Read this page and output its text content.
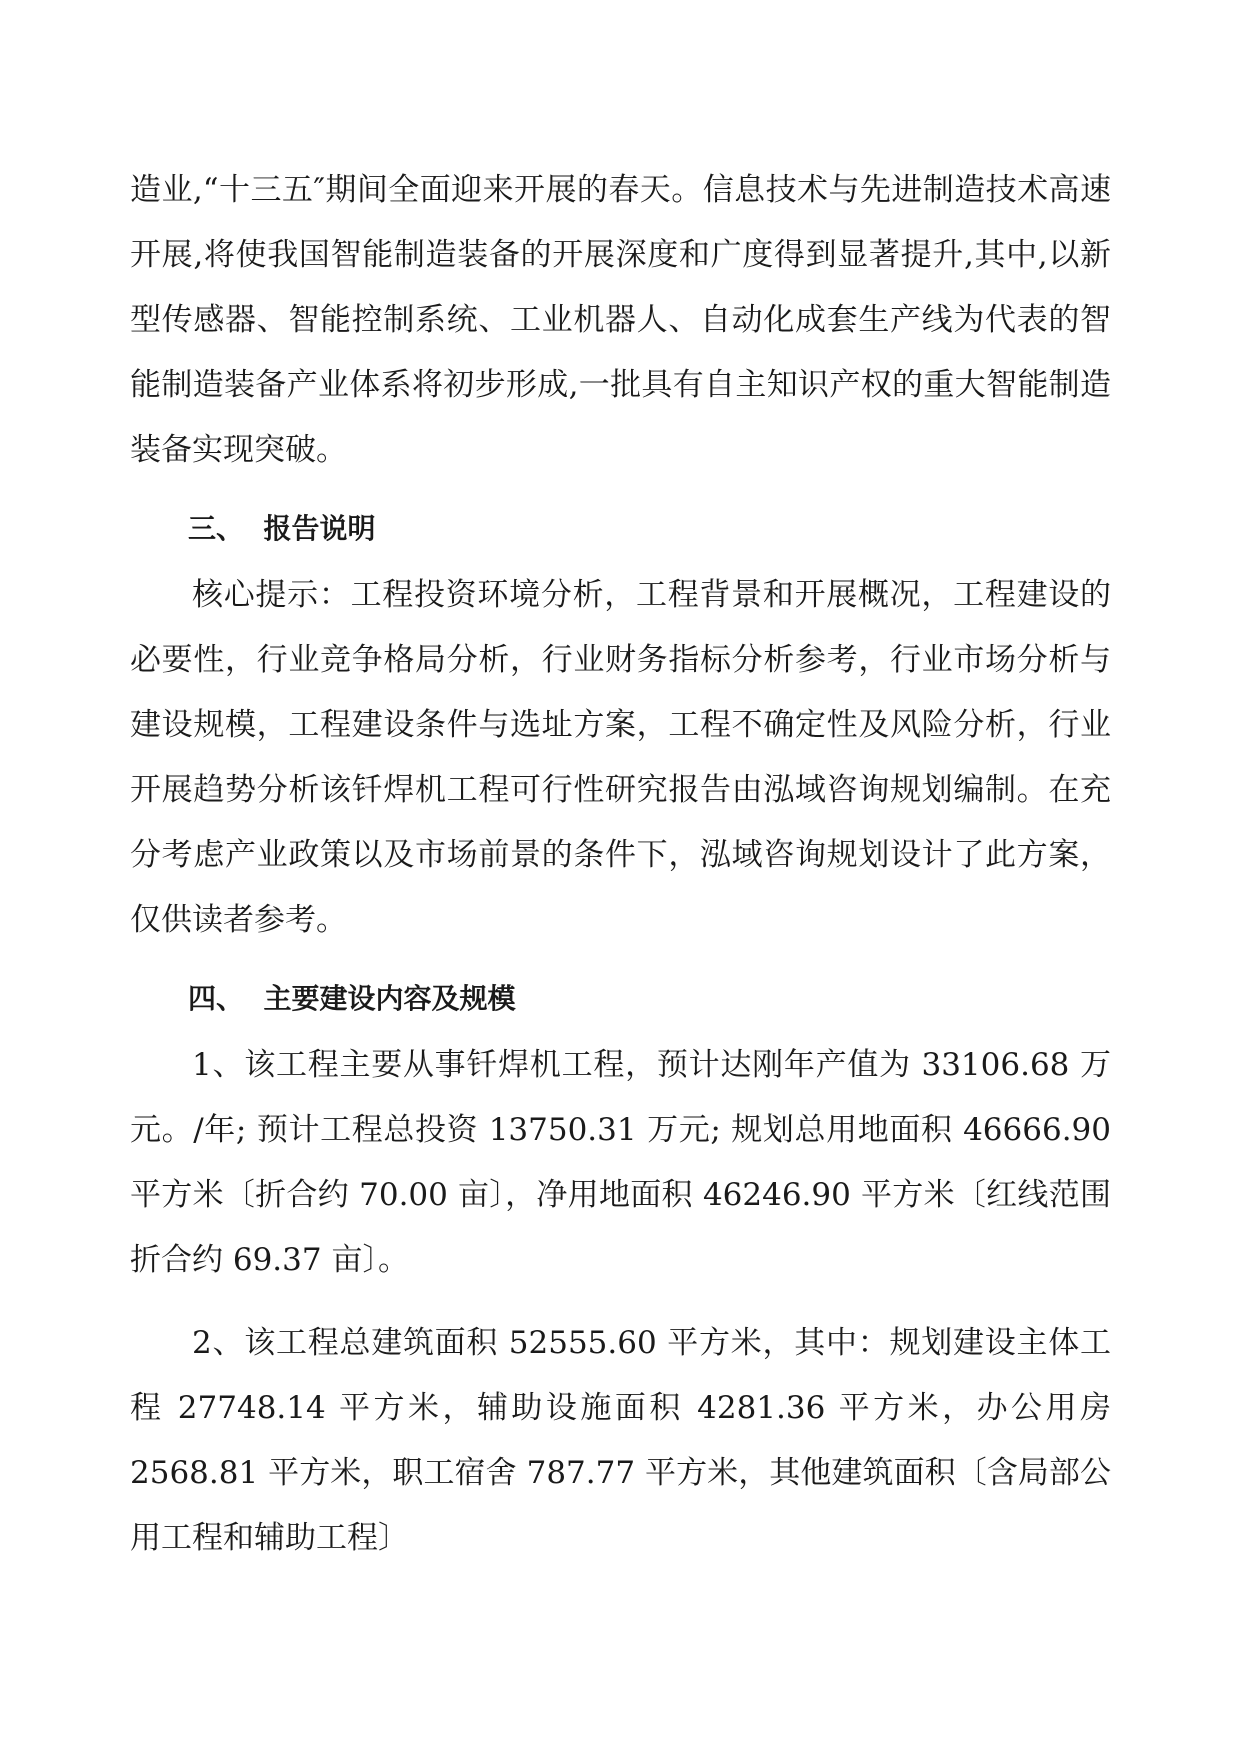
造业,“十三五″期间全面迎来开展的春天。信息技术与先进制造技术高速开展,将使我国智能制造装备的开展深度和广度得到显著提升,其中,以新型传感器、智能控制系统、工业机器人、自动化成套生产线为代表的智能制造装备产业体系将初步形成,一批具有自主知识产权的重大智能制造装备实现突破。

三、  报告说明

核心提示：工程投资环境分析，工程背景和开展概况，工程建设的必要性，行业竞争格局分析，行业财务指标分析参考，行业市场分析与建设规模，工程建设条件与选址方案，工程不确定性及风险分析，行业开展趋势分析该钎焊机工程可行性研究报告由泓域咨询规划编制。在充分考虑产业政策以及市场前景的条件下，泓域咨询规划设计了此方案，仅供读者参考。

四、  主要建设内容及规模

1、该工程主要从事钎焊机工程，预计达刚年产值为 33106.68 万元。/年; 预计工程总投资 13750.31 万元; 规划总用地面积 46666.90 平方米〔折合约 70.00 亩〕，净用地面积 46246.90 平方米〔红线范围折合约 69.37 亩〕。

2、该工程总建筑面积 52555.60 平方米，其中：规划建设主体工程 27748.14 平方米，辅助设施面积 4281.36 平方米，办公用房 2568.81 平方米，职工宿舍 787.77 平方米，其他建筑面积〔含局部公用工程和辅助工程〕
